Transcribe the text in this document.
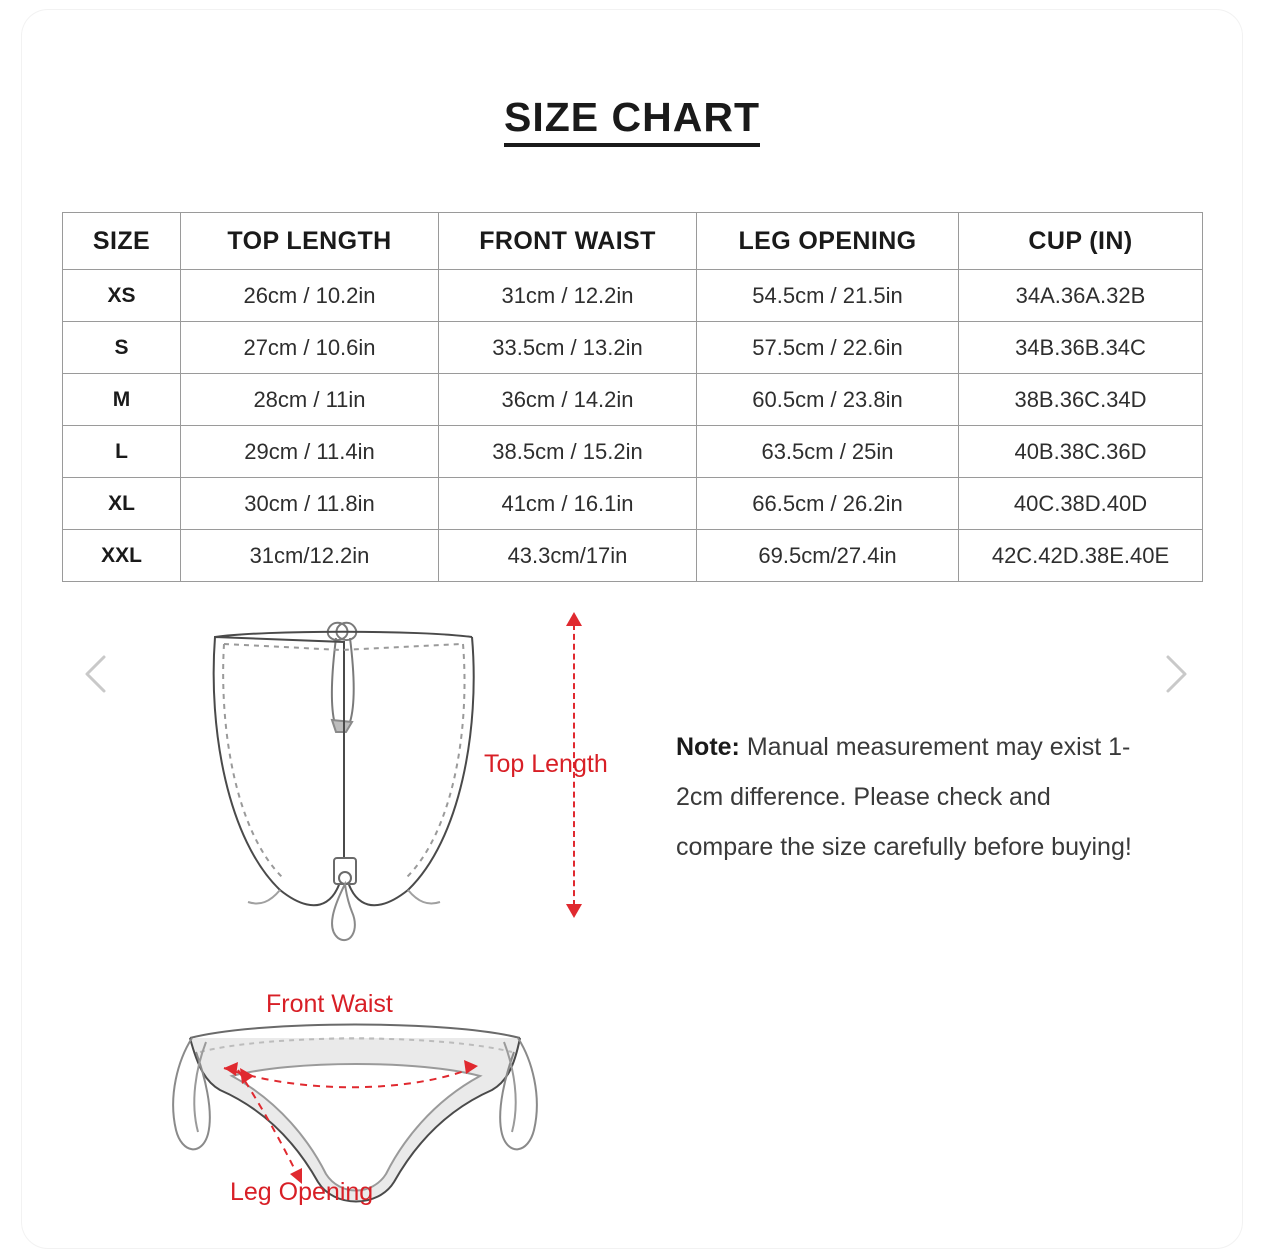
SIZE CHART
SIZE	TOP LENGTH	FRONT WAIST	LEG OPENING	CUP (IN)
XS	26cm / 10.2in	31cm / 12.2in	54.5cm / 21.5in	34A.36A.32B
S	27cm / 10.6in	33.5cm / 13.2in	57.5cm / 22.6in	34B.36B.34C
M	28cm / 11in	36cm / 14.2in	60.5cm / 23.8in	38B.36C.34D
L	29cm / 11.4in	38.5cm / 15.2in	63.5cm / 25in	40B.38C.36D
XL	30cm / 11.8in	41cm / 16.1in	66.5cm / 26.2in	40C.38D.40D
XXL	31cm/12.2in	43.3cm/17in	69.5cm/27.4in	42C.42D.38E.40E
Top Length
Front Waist
Leg Opening
Note: Manual measurement may exist 1-2cm difference. Please check and compare the size carefully before buying!
